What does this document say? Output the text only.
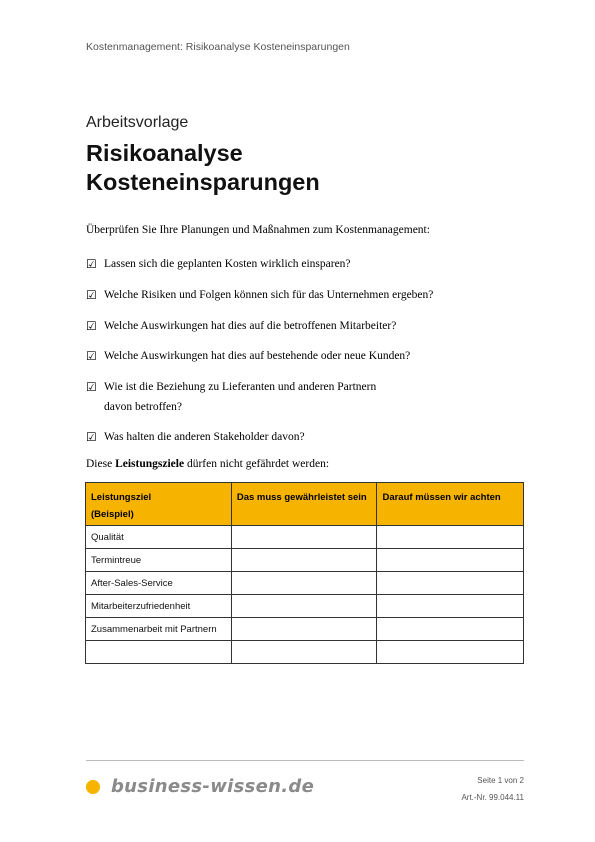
Kostenmanagement: Risikoanalyse Kosteneinsparungen
Arbeitsvorlage
Risikoanalyse
Kosteneinsparungen
Überprüfen Sie Ihre Planungen und Maßnahmen zum Kostenmanagement:
☑ Lassen sich die geplanten Kosten wirklich einsparen?
☑ Welche Risiken und Folgen können sich für das Unternehmen ergeben?
☑ Welche Auswirkungen hat dies auf die betroffenen Mitarbeiter?
☑ Welche Auswirkungen hat dies auf bestehende oder neue Kunden?
☑ Wie ist die Beziehung zu Lieferanten und anderen Partnern davon betroffen?
☑ Was halten die anderen Stakeholder davon?
Diese Leistungsziele dürfen nicht gefährdet werden:
Leistungsziel
(Beispiel)	Das muss gewährleistet sein	Darauf müssen wir achten
Qualität		
Termintreue		
After-Sales-Service		
Mitarbeiterzufriedenheit		
Zusammenarbeit mit Partnern		

business-wissen.de	Seite 1 von 2
Art.-Nr. 99.044.11
